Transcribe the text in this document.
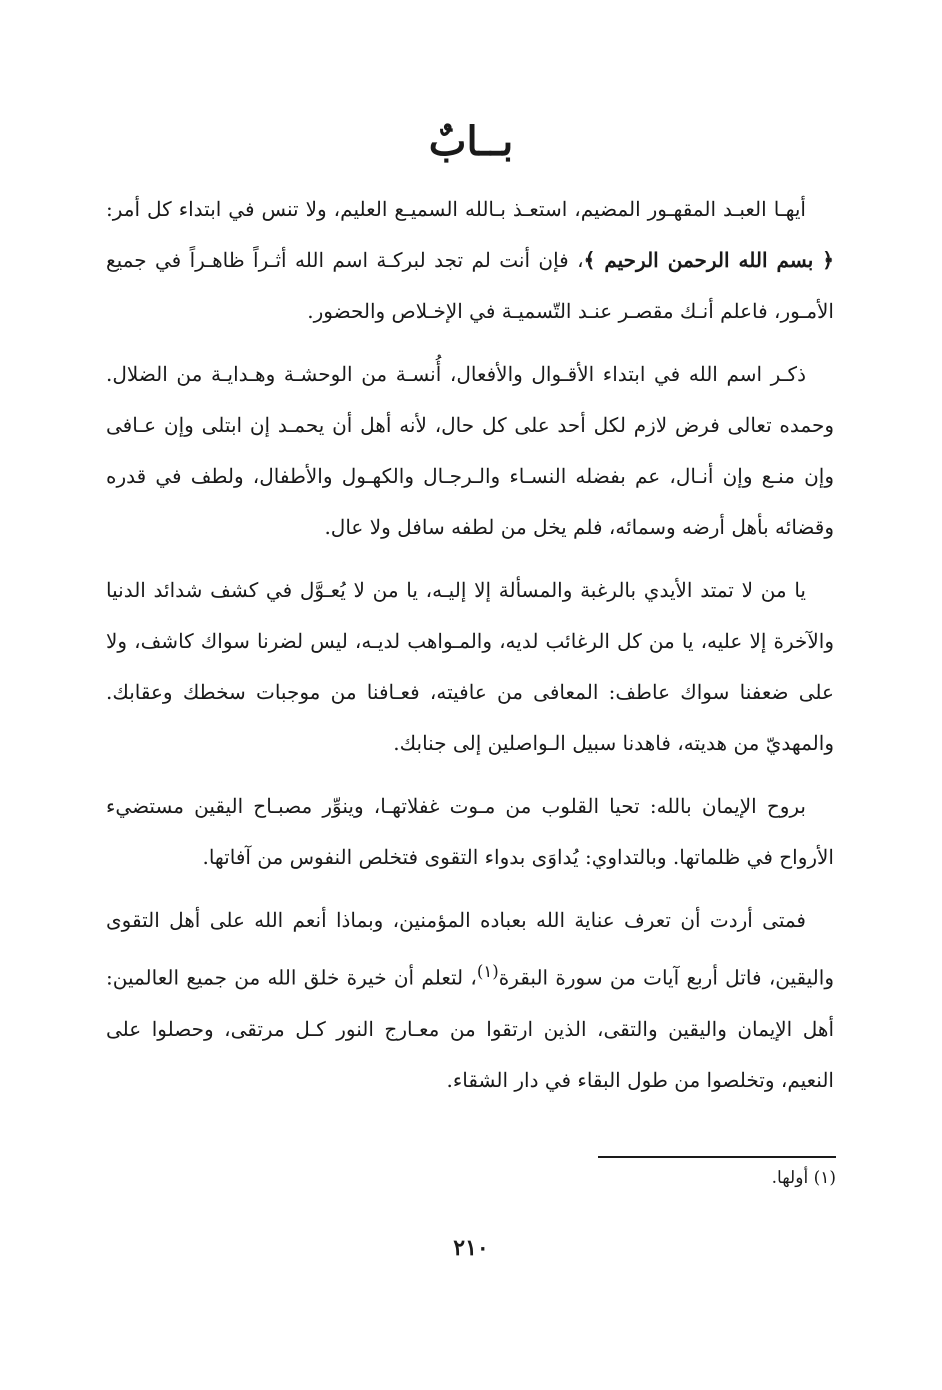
بــابٌ

أيهـا العبـد المقهـور المضيم، استعـذ بـالله السميـع العليم، ولا تنس في ابتداء كل أمر: ﴿ بسم الله الرحمن الرحيم ﴾، فإن أنت لم تجد لبركـة اسم الله أثـراً ظاهـراً في جميع الأمـور، فاعلم أنـك مقصـر عنـد التّسميـة في الإخـلاص والحضور.

ذكـر اسم الله في ابتداء الأقـوال والأفعال، أُنسـة من الوحشـة وهـدايـة من الضلال. وحمده تعالى فرض لازم لكل أحد على كل حال، لأنه أهل أن يحمـد إن ابتلى وإن عـافى وإن منـع وإن أنـال، عم بفضله النسـاء والـرجـال والكهـول والأطفال، ولطف في قدره وقضائه بأهل أرضه وسمائه، فلم يخل من لطفه سافل ولا عال.

يا من لا تمتد الأيدي بالرغبة والمسألة إلا إليـه، يا من لا يُعـوَّل في كشف شدائد الدنيا والآخرة إلا عليه، يا من كل الرغائب لديه، والمـواهب لديـه، ليس لضرنا سواك كاشف، ولا على ضعفنا سواك عاطف: المعافى من عافيته، فعـافنا من موجبات سخطك وعقابك. والمهديّ من هديته، فاهدنا سبيل الـواصلين إلى جنابك.

بروح الإيمان بالله: تحيا القلوب من مـوت غفلاتهـا، وينوِّر مصبـاح اليقين مستضيء الأرواح في ظلماتها. وبالتداوي: يُداوَى بدواء التقوى فتخلص النفوس من آفاتها.

فمتى أردت أن تعرف عناية الله بعباده المؤمنين، وبماذا أنعم الله على أهل التقوى واليقين، فاتل أربع آيات من سورة البقرة$^{(١)}$، لتعلم أن خيرة خلق الله من جميع العالمين: أهل الإيمان واليقين والتقى، الذين ارتقوا من معـارج النور كـل مرتقى، وحصلوا على النعيم، وتخلصوا من طول البقاء في دار الشقاء.

(١) أولها.
٢١٠
